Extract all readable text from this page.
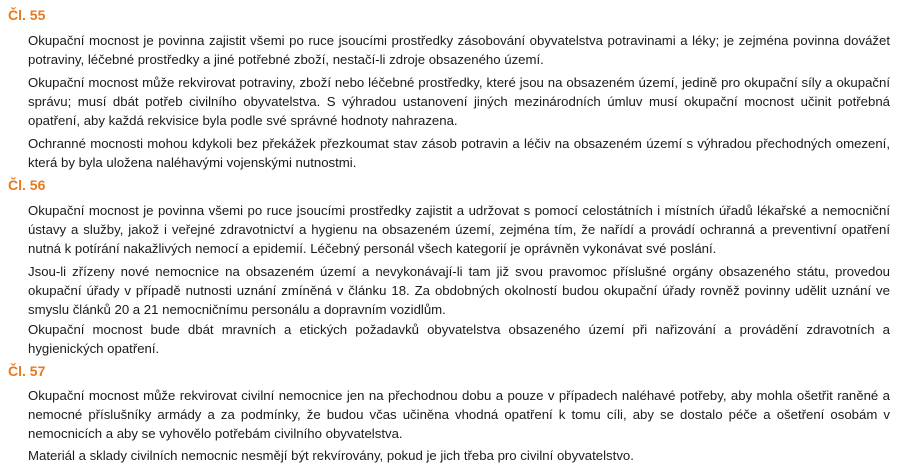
Čl. 55

Okupační mocnost je povinna zajistit všemi po ruce jsoucími prostředky zásobování obyvatelstva potravinami a léky; je zejména povinna dovážet potraviny, léčebné prostředky a jiné potřebné zboží, nestačí-li zdroje obsazeného území.

Okupační mocnost může rekvirovat potraviny, zboží nebo léčebné prostředky, které jsou na obsazeném území, jedině pro okupační síly a okupační správu; musí dbát potřeb civilního obyvatelstva. S výhradou ustanovení jiných mezinárodních úmluv musí okupační mocnost učinit potřebná opatření, aby každá rekvisice byla podle své správné hodnoty nahrazena.

Ochranné mocnosti mohou kdykoli bez překážek přezkoumat stav zásob potravin a léčiv na obsazeném území s výhradou přechodných omezení, která by byla uložena naléhavými vojenskými nutnostmi.

Čl. 56

Okupační mocnost je povinna všemi po ruce jsoucími prostředky zajistit a udržovat s pomocí celostátních i místních úřadů lékařské a nemocniční ústavy a služby, jakož i veřejné zdravotnictví a hygienu na obsazeném území, zejména tím, že nařídí a provádí ochranná a preventivní opatření nutná k potírání nakažlivých nemocí a epidemií. Léčebný personál všech kategorií je oprávněn vykonávat své poslání.

Jsou-li zřízeny nové nemocnice na obsazeném území a nevykonávají-li tam již svou pravomoc příslušné orgány obsazeného státu, provedou okupační úřady v případě nutnosti uznání zmíněná v článku 18. Za obdobných okolností budou okupační úřady rovněž povinny udělit uznání ve smyslu článků 20 a 21 nemocničnímu personálu a dopravním vozidlům.

Okupační mocnost bude dbát mravních a etických požadavků obyvatelstva obsazeného území při nařizování a provádění zdravotních a hygienických opatření.

Čl. 57

Okupační mocnost může rekvirovat civilní nemocnice jen na přechodnou dobu a pouze v případech naléhavé potřeby, aby mohla ošetřit raněné a nemocné příslušníky armády a za podmínky, že budou včas učiněna vhodná opatření k tomu cíli, aby se dostalo péče a ošetření osobám v nemocnicích a aby se vyhovělo potřebám civilního obyvatelstva.

Materiál a sklady civilních nemocnic nesmějí být rekvírovány, pokud je jich třeba pro civilní obyvatelstvo.
